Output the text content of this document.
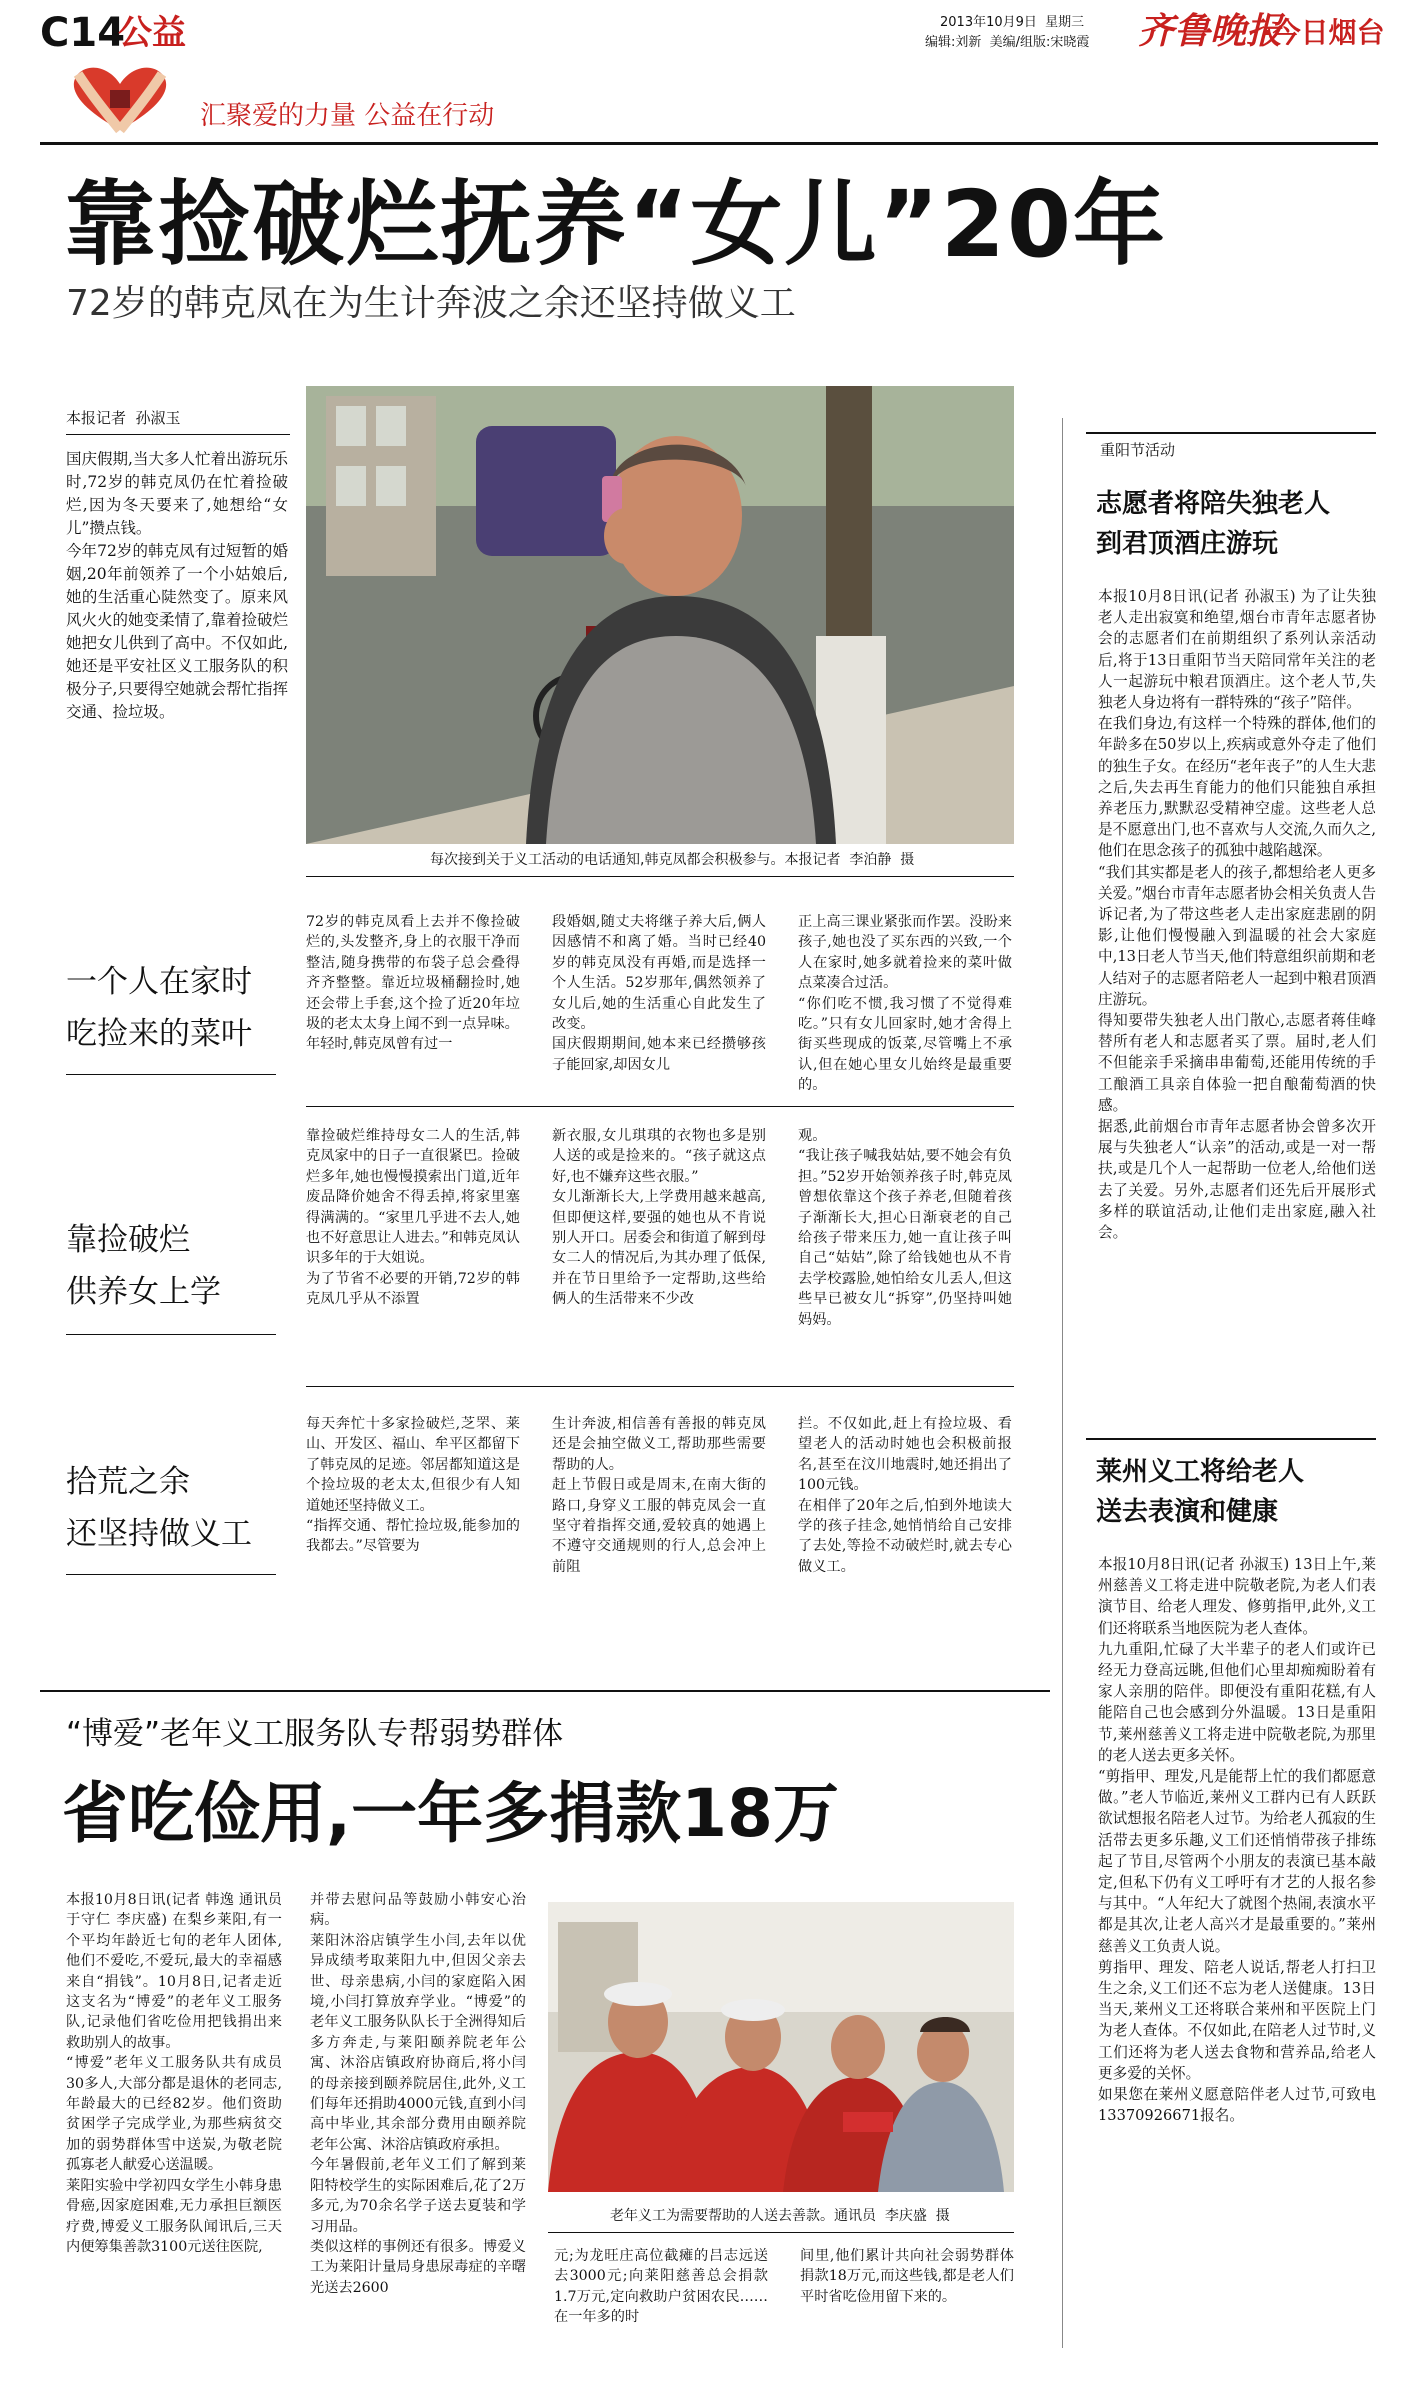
C14
公益
汇聚爱的力量 公益在行动
2013年10月9日  星期三
编辑:刘新  美编/组版:宋晓霞 齐鲁晚报
·今日烟台
靠捡破烂抚养“女儿”20年
72岁的韩克凤在为生计奔波之余还坚持做义工
本报记者  孙淑玉
国庆假期,当大多人忙着出游玩乐时,72岁的韩克凤仍在忙着捡破烂,因为冬天要来了,她想给“女儿”攒点钱。
今年72岁的韩克凤有过短暂的婚姻,20年前领养了一个小姑娘后,她的生活重心陡然变了。原来风风火火的她变柔情了,靠着捡破烂她把女儿供到了高中。不仅如此,她还是平安社区义工服务队的积极分子,只要得空她就会帮忙指挥交通、捡垃圾。
每次接到关于义工活动的电话通知,韩克凤都会积极参与。本报记者  李泊静  摄
一个人在家时
吃捡来的菜叶
72岁的韩克凤看上去并不像捡破烂的,头发整齐,身上的衣服干净而整洁,随身携带的布袋子总会叠得齐齐整整。靠近垃圾桶翻捡时,她还会带上手套,这个捡了近20年垃圾的老太太身上闻不到一点异味。
年轻时,韩克凤曾有过一
段婚姻,随丈夫将继子养大后,俩人因感情不和离了婚。当时已经40岁的韩克凤没有再婚,而是选择一个人生活。52岁那年,偶然领养了女儿后,她的生活重心自此发生了改变。
国庆假期期间,她本来已经攒够孩子能回家,却因女儿
正上高三课业紧张而作罢。没盼来孩子,她也没了买东西的兴致,一个人在家时,她多就着捡来的菜叶做点菜凑合过活。
“你们吃不惯,我习惯了不觉得难吃。”只有女儿回家时,她才舍得上街买些现成的饭菜,尽管嘴上不承认,但在她心里女儿始终是最重要的。
靠捡破烂
供养女上学
靠捡破烂维持母女二人的生活,韩克凤家中的日子一直很紧巴。捡破烂多年,她也慢慢摸索出门道,近年废品降价她舍不得丢掉,将家里塞得满满的。“家里几乎进不去人,她也不好意思让人进去。”和韩克凤认识多年的于大姐说。
为了节省不必要的开销,72岁的韩克凤几乎从不添置
新衣服,女儿琪琪的衣物也多是别人送的或是捡来的。“孩子就这点好,也不嫌弃这些衣服。”
女儿渐渐长大,上学费用越来越高,但即便这样,要强的她也从不肯说别人开口。居委会和街道了解到母女二人的情况后,为其办理了低保,并在节日里给予一定帮助,这些给俩人的生活带来不少改
观。
“我让孩子喊我姑姑,要不她会有负担。”52岁开始领养孩子时,韩克凤曾想依靠这个孩子养老,但随着孩子渐渐长大,担心日渐衰老的自己给孩子带来压力,她一直让孩子叫自己“姑姑”,除了给钱她也从不肯去学校露脸,她怕给女儿丢人,但这些早已被女儿“拆穿”,仍坚持叫她妈妈。
拾荒之余
还坚持做义工
每天奔忙十多家捡破烂,芝罘、莱山、开发区、福山、牟平区都留下了韩克凤的足迹。邻居都知道这是个捡垃圾的老太太,但很少有人知道她还坚持做义工。
“指挥交通、帮忙捡垃圾,能参加的我都去。”尽管要为
生计奔波,相信善有善报的韩克凤还是会抽空做义工,帮助那些需要帮助的人。
赶上节假日或是周末,在南大街的路口,身穿义工服的韩克凤会一直坚守着指挥交通,爱较真的她遇上不遵守交通规则的行人,总会冲上前阻
拦。不仅如此,赶上有捡垃圾、看望老人的活动时她也会积极前报名,甚至在汶川地震时,她还捐出了100元钱。
在相伴了20年之后,怕到外地读大学的孩子挂念,她悄悄给自己安排了去处,等捡不动破烂时,就去专心做义工。
“博爱”老年义工服务队专帮弱势群体
省吃俭用,一年多捐款18万
本报10月8日讯(记者 韩逸 通讯员 于守仁 李庆盛) 在梨乡莱阳,有一个平均年龄近七旬的老年人团体,他们不爱吃,不爱玩,最大的幸福感来自“捐钱”。10月8日,记者走近这支名为“博爱”的老年义工服务队,记录他们省吃俭用把钱捐出来救助别人的故事。
“博爱”老年义工服务队共有成员30多人,大部分都是退休的老同志,年龄最大的已经82岁。他们资助贫困学子完成学业,为那些病贫交加的弱势群体雪中送炭,为敬老院孤寡老人献爱心送温暖。
莱阳实验中学初四女学生小韩身患骨癌,因家庭困难,无力承担巨额医疗费,博爱义工服务队闻讯后,三天内便筹集善款3100元送往医院,
并带去慰问品等鼓励小韩安心治病。
莱阳沐浴店镇学生小闫,去年以优异成绩考取莱阳九中,但因父亲去世、母亲患病,小闫的家庭陷入困境,小闫打算放弃学业。“博爱”的老年义工服务队队长于全洲得知后多方奔走,与莱阳颐养院老年公寓、沐浴店镇政府协商后,将小闫的母亲接到颐养院居住,此外,义工们每年还捐助4000元钱,直到小闫高中毕业,其余部分费用由颐养院老年公寓、沐浴店镇政府承担。
今年暑假前,老年义工们了解到莱阳特校学生的实际困难后,花了2万多元,为70余名学子送去夏装和学习用品。
类似这样的事例还有很多。博爱义工为莱阳计量局身患尿毒症的辛曙光送去2600
老年义工为需要帮助的人送去善款。通讯员  李庆盛  摄
元;为龙旺庄高位截瘫的吕志远送去3000元;向莱阳慈善总会捐款1.7万元,定向救助户贫困农民……在一年多的时
间里,他们累计共向社会弱势群体捐款18万元,而这些钱,都是老人们平时省吃俭用留下来的。
重阳节活动
志愿者将陪失独老人
到君顶酒庄游玩
本报10月8日讯(记者 孙淑玉) 为了让失独老人走出寂寞和绝望,烟台市青年志愿者协会的志愿者们在前期组织了系列认亲活动后,将于13日重阳节当天陪同常年关注的老人一起游玩中粮君顶酒庄。这个老人节,失独老人身边将有一群特殊的“孩子”陪伴。
在我们身边,有这样一个特殊的群体,他们的年龄多在50岁以上,疾病或意外夺走了他们的独生子女。在经历“老年丧子”的人生大悲之后,失去再生育能力的他们只能独自承担养老压力,默默忍受精神空虚。这些老人总是不愿意出门,也不喜欢与人交流,久而久之,他们在思念孩子的孤独中越陷越深。
“我们其实都是老人的孩子,都想给老人更多关爱。”烟台市青年志愿者协会相关负责人告诉记者,为了带这些老人走出家庭悲剧的阴影,让他们慢慢融入到温暖的社会大家庭中,13日老人节当天,他们特意组织前期和老人结对子的志愿者陪老人一起到中粮君顶酒庄游玩。
得知要带失独老人出门散心,志愿者蒋佳峰替所有老人和志愿者买了票。届时,老人们不但能亲手采摘串串葡萄,还能用传统的手工酿酒工具亲自体验一把自酿葡萄酒的快感。
据悉,此前烟台市青年志愿者协会曾多次开展与失独老人“认亲”的活动,或是一对一帮扶,或是几个人一起帮助一位老人,给他们送去了关爱。另外,志愿者们还先后开展形式多样的联谊活动,让他们走出家庭,融入社会。
莱州义工将给老人
送去表演和健康
本报10月8日讯(记者 孙淑玉) 13日上午,莱州慈善义工将走进中院敬老院,为老人们表演节目、给老人理发、修剪指甲,此外,义工们还将联系当地医院为老人查体。
九九重阳,忙碌了大半辈子的老人们或许已经无力登高远眺,但他们心里却痴痴盼着有家人亲朋的陪伴。即便没有重阳花糕,有人能陪自己也会感到分外温暖。13日是重阳节,莱州慈善义工将走进中院敬老院,为那里的老人送去更多关怀。
“剪指甲、理发,凡是能帮上忙的我们都愿意做。”老人节临近,莱州义工群内已有人跃跃欲试想报名陪老人过节。为给老人孤寂的生活带去更多乐趣,义工们还悄悄带孩子排练起了节目,尽管两个小朋友的表演已基本敲定,但私下仍有义工呼吁有才艺的人报名参与其中。“人年纪大了就图个热闹,表演水平都是其次,让老人高兴才是最重要的。”莱州慈善义工负责人说。
剪指甲、理发、陪老人说话,帮老人打扫卫生之余,义工们还不忘为老人送健康。13日当天,莱州义工还将联合莱州和平医院上门为老人查体。不仅如此,在陪老人过节时,义工们还将为老人送去食物和营养品,给老人更多爱的关怀。
如果您在莱州义愿意陪伴老人过节,可致电13370926671报名。
